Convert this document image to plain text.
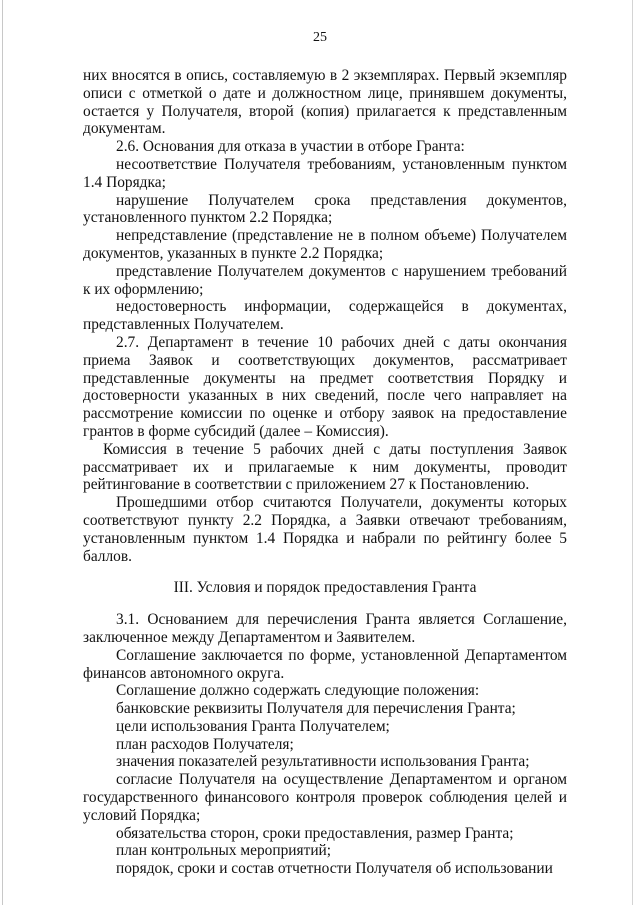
25

них вносятся в опись, составляемую в 2 экземплярах. Первый экземпляр описи с отметкой о дате и должностном лице, принявшем документы, остается у Получателя, второй (копия) прилагается к представленным документам.

2.6. Основания для отказа в участии в отборе Гранта:

несоответствие Получателя требованиям, установленным пунктом 1.4 Порядка;

нарушение Получателем срока представления документов, установленного пунктом 2.2 Порядка;

непредставление (представление не в полном объеме) Получателем документов, указанных в пункте 2.2 Порядка;

представление Получателем документов с нарушением требований к их оформлению;

недостоверность информации, содержащейся в документах, представленных Получателем.

2.7. Департамент в течение 10 рабочих дней с даты окончания приема Заявок и соответствующих документов, рассматривает представленные документы на предмет соответствия Порядку и достоверности указанных в них сведений, после чего направляет на рассмотрение комиссии по оценке и отбору заявок на предоставление грантов в форме субсидий (далее – Комиссия).

Комиссия в течение 5 рабочих дней с даты поступления Заявок рассматривает их и прилагаемые к ним документы, проводит рейтингование в соответствии с приложением 27 к Постановлению.

Прошедшими отбор считаются Получатели, документы которых соответствуют пункту 2.2 Порядка, а Заявки отвечают требованиям, установленным пунктом 1.4 Порядка и набрали по рейтингу более 5 баллов.

III. Условия и порядок предоставления Гранта

3.1. Основанием для перечисления Гранта является Соглашение, заключенное между Департаментом и Заявителем.

Соглашение заключается по форме, установленной Департаментом финансов автономного округа.

Соглашение должно содержать следующие положения:

банковские реквизиты Получателя для перечисления Гранта;

цели использования Гранта Получателем;

план расходов Получателя;

значения показателей результативности использования Гранта;

согласие Получателя на осуществление Департаментом и органом государственного финансового контроля проверок соблюдения целей и условий Порядка;

обязательства сторон, сроки предоставления, размер Гранта;

план контрольных мероприятий;

порядок, сроки и состав отчетности Получателя об использовании
